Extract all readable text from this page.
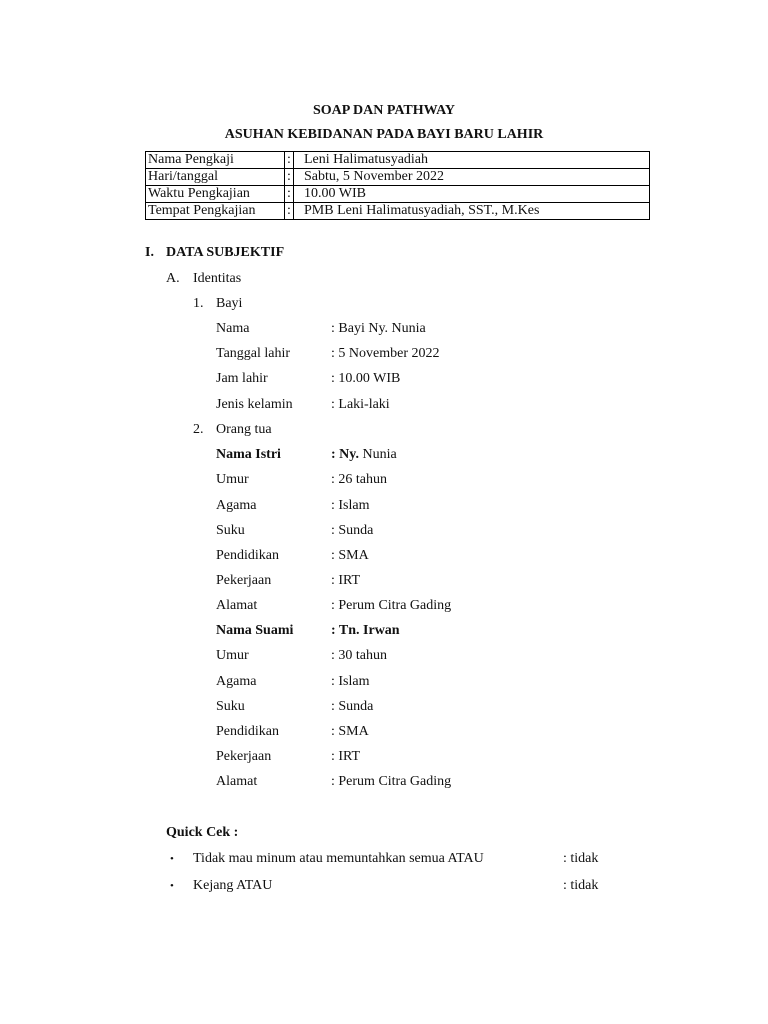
SOAP DAN PATHWAY
ASUHAN KEBIDANAN PADA BAYI BARU LAHIR
Nama Pengkaji	:	Leni Halimatusyadiah
Hari/tanggal	:	Sabtu, 5 November 2022
Waktu Pengkajian	:	10.00 WIB
Tempat Pengkajian	:	PMB Leni Halimatusyadiah, SST., M.Kes
I. DATA SUBJEKTIF
A. Identitas
1. Bayi
Nama	: Bayi Ny. Nunia
Tanggal lahir	: 5 November 2022
Jam lahir	: 10.00 WIB
Jenis kelamin	: Laki-laki
2. Orang tua
Nama Istri	: Ny. Nunia
Umur	: 26 tahun
Agama	: Islam
Suku	: Sunda
Pendidikan	: SMA
Pekerjaan	: IRT
Alamat	: Perum Citra Gading
Nama Suami	: Tn. Irwan
Umur	: 30 tahun
Agama	: Islam
Suku	: Sunda
Pendidikan	: SMA
Pekerjaan	: IRT
Alamat	: Perum Citra Gading
Quick Cek :
• Tidak mau minum atau memuntahkan semua ATAU	: tidak
• Kejang ATAU	: tidak
